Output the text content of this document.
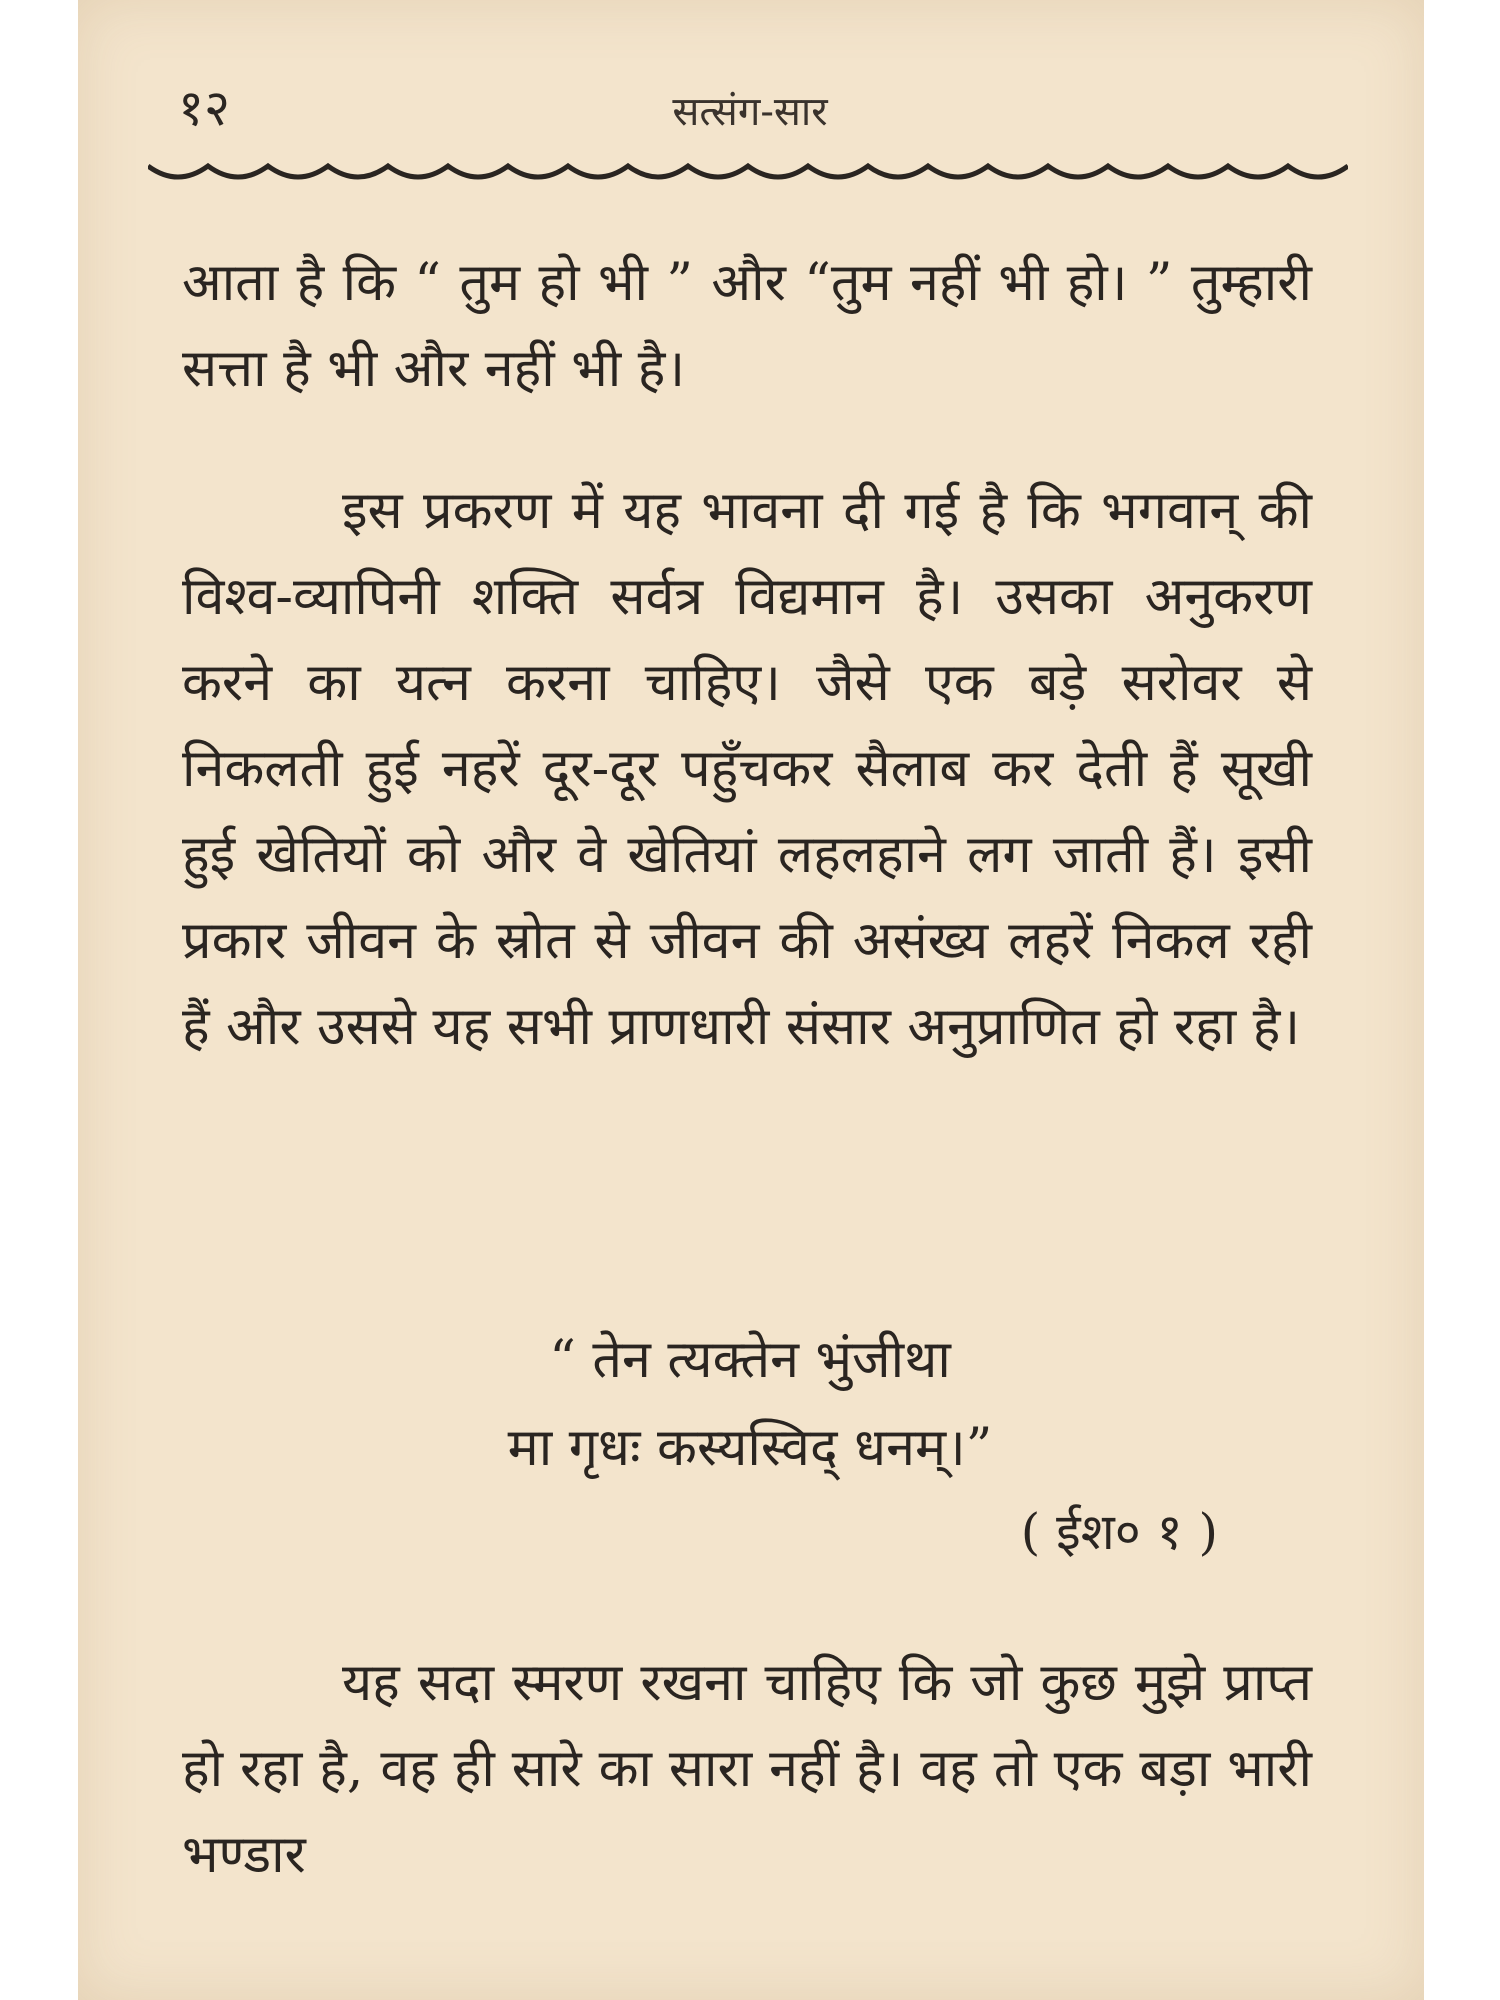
१२	सत्संग-सार

आता है कि “ तुम हो भी ” और “तुम नहीं भी हो। ” तुम्हारी सत्ता है भी और नहीं भी है।

इस प्रकरण में यह भावना दी गई है कि भगवान् की विश्व-व्यापिनी शक्ति सर्वत्र विद्यमान है। उसका अनुकरण करने का यत्न करना चाहिए। जैसे एक बड़े सरोवर से निकलती हुई नहरें दूर-दूर पहुँचकर सैलाब कर देती हैं सूखी हुई खेतियों को और वे खेतियां लहलहाने लग जाती हैं। इसी प्रकार जीवन के स्रोत से जीवन की असंख्य लहरें निकल रही हैं और उससे यह सभी प्राणधारी संसार अनुप्राणित हो रहा है।

“ तेन त्यक्तेन भुंजीथा
मा गृधः कस्यस्विद् धनम्।”
( ईश० १ )

यह सदा स्मरण रखना चाहिए कि जो कुछ मुझे प्राप्त हो रहा है, वह ही सारे का सारा नहीं है। वह तो एक बड़ा भारी भण्डार
